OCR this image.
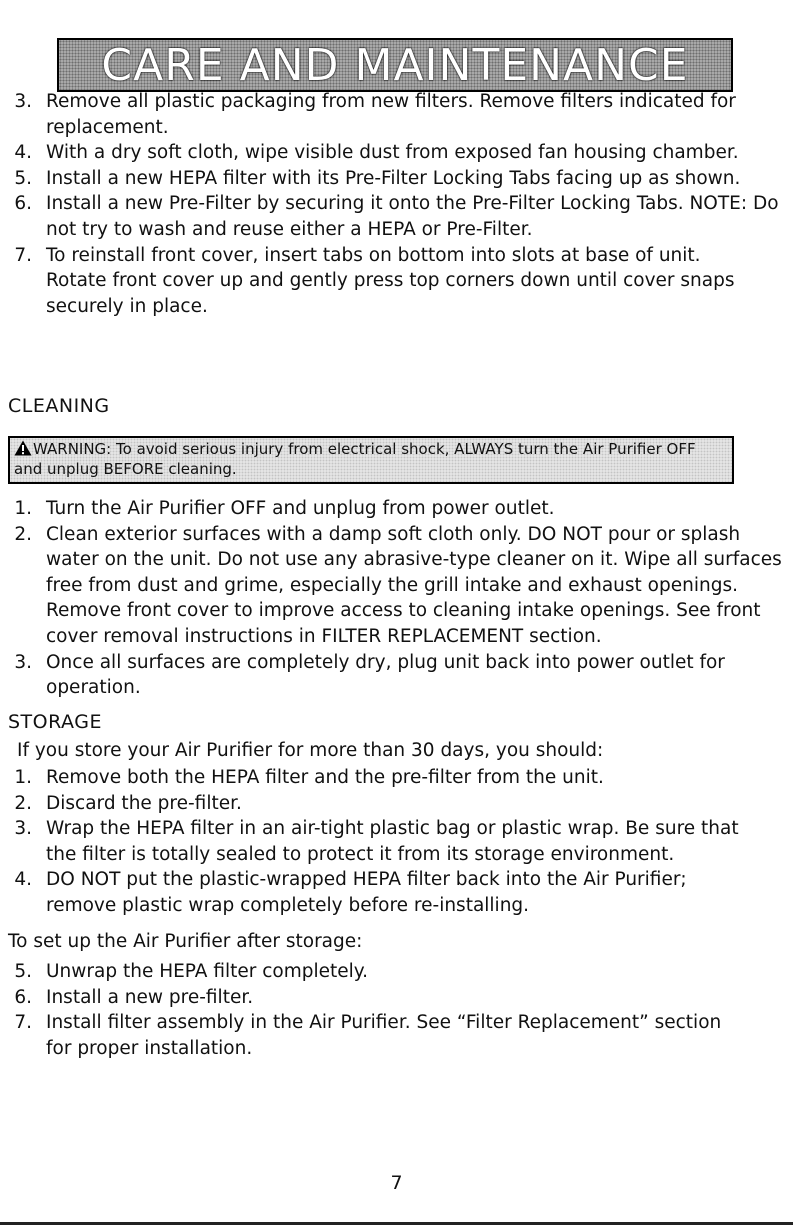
CARE AND MAINTENANCE
3. Remove all plastic packaging from new filters. Remove filters indicated for replacement.
4. With a dry soft cloth, wipe visible dust from exposed fan housing chamber.
5. Install a new HEPA filter with its Pre-Filter Locking Tabs facing up as shown.
6. Install a new Pre-Filter by securing it onto the Pre-Filter Locking Tabs. NOTE: Do not try to wash and reuse either a HEPA or Pre-Filter.
7. To reinstall front cover, insert tabs on bottom into slots at base of unit. Rotate front cover up and gently press top corners down until cover snaps securely in place.
CLEANING
WARNING: To avoid serious injury from electrical shock, ALWAYS turn the Air Purifier OFF and unplug BEFORE cleaning.
1. Turn the Air Purifier OFF and unplug from power outlet.
2. Clean exterior surfaces with a damp soft cloth only. DO NOT pour or splash water on the unit. Do not use any abrasive-type cleaner on it. Wipe all surfaces free from dust and grime, especially the grill intake and exhaust openings. Remove front cover to improve access to cleaning intake openings. See front cover removal instructions in FILTER REPLACEMENT section.
3. Once all surfaces are completely dry, plug unit back into power outlet for operation.
STORAGE
If you store your Air Purifier for more than 30 days, you should:
1. Remove both the HEPA filter and the pre-filter from the unit.
2. Discard the pre-filter.
3. Wrap the HEPA filter in an air-tight plastic bag or plastic wrap. Be sure that the filter is totally sealed to protect it from its storage environment.
4. DO NOT put the plastic-wrapped HEPA filter back into the Air Purifier; remove plastic wrap completely before re-installing.
To set up the Air Purifier after storage:
5. Unwrap the HEPA filter completely.
6. Install a new pre-filter.
7. Install filter assembly in the Air Purifier. See “Filter Replacement” section for proper installation.
7
